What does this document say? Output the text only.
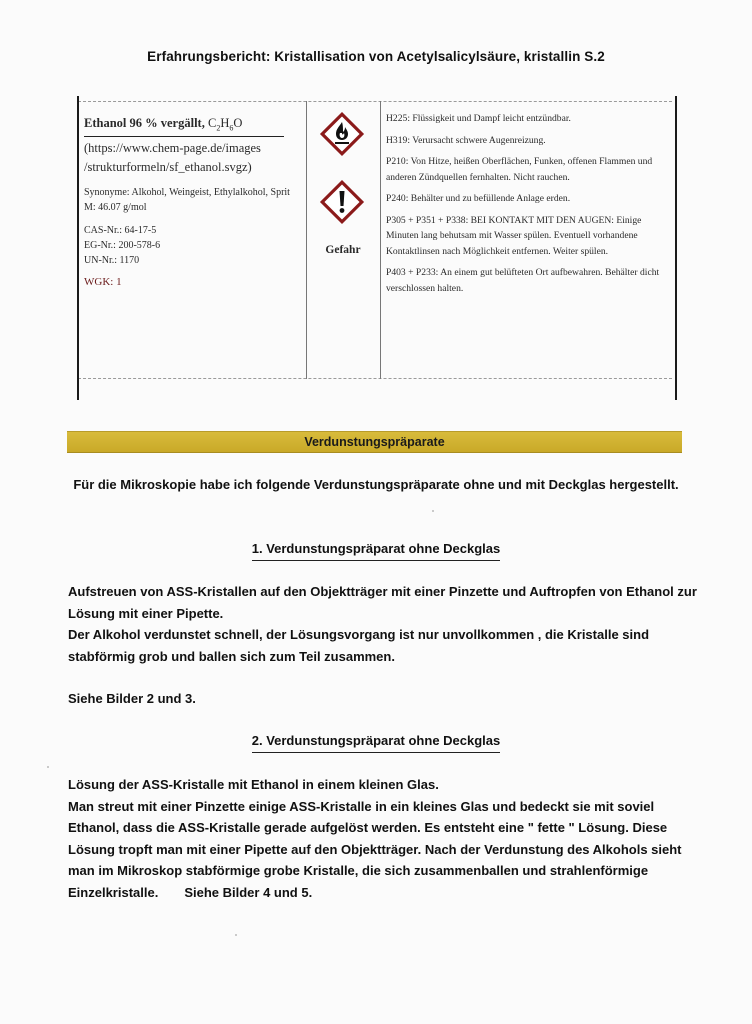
Erfahrungsbericht: Kristallisation von Acetylsalicylsäure, kristallin S.2
Ethanol 96 % vergällt, $C_2H_6O$
(https://www.chem-page.de/images
/strukturformeln/sf_ethanol.svgz)
Synonyme: Alkohol, Weingeist, Ethylalkohol, Sprit
M: 46.07 g/mol
CAS-Nr.: 64-17-5
EG-Nr.: 200-578-6
UN-Nr.: 1170
WGK: 1
Gefahr
H225: Flüssigkeit und Dampf leicht entzündbar.
H319: Verursacht schwere Augenreizung.
P210: Von Hitze, heißen Oberflächen, Funken, offenen Flammen und anderen Zündquellen fernhalten. Nicht rauchen.
P240: Behälter und zu befüllende Anlage erden.
P305 + P351 + P338: BEI KONTAKT MIT DEN AUGEN: Einige Minuten lang behutsam mit Wasser spülen. Eventuell vorhandene Kontaktlinsen nach Möglichkeit entfernen. Weiter spülen.
P403 + P233: An einem gut belüfteten Ort aufbewahren. Behälter dicht verschlossen halten.
Verdunstungspräparate
Für die Mikroskopie habe ich folgende Verdunstungspräparate ohne und mit Deckglas hergestellt.
1. Verdunstungspräparat ohne Deckglas
Aufstreuen von ASS-Kristallen auf den Objektträger mit einer Pinzette und Auftropfen von Ethanol zur Lösung mit einer Pipette.
Der Alkohol verdunstet schnell, der Lösungsvorgang ist nur unvollkommen , die Kristalle sind stabförmig grob und ballen sich zum Teil zusammen.
Siehe Bilder 2 und 3.
2. Verdunstungspräparat ohne Deckglas
Lösung der ASS-Kristalle mit Ethanol in einem kleinen Glas.
Man streut mit einer Pinzette einige ASS-Kristalle in ein kleines Glas und bedeckt sie mit soviel Ethanol, dass die ASS-Kristalle gerade aufgelöst werden. Es entsteht eine " fette " Lösung. Diese Lösung tropft man mit einer Pipette auf den Objektträger. Nach der Verdunstung des Alkohols sieht man im Mikroskop stabförmige grobe Kristalle, die sich zusammenballen und strahlenförmige Einzelkristalle. Siehe Bilder 4 und 5.
